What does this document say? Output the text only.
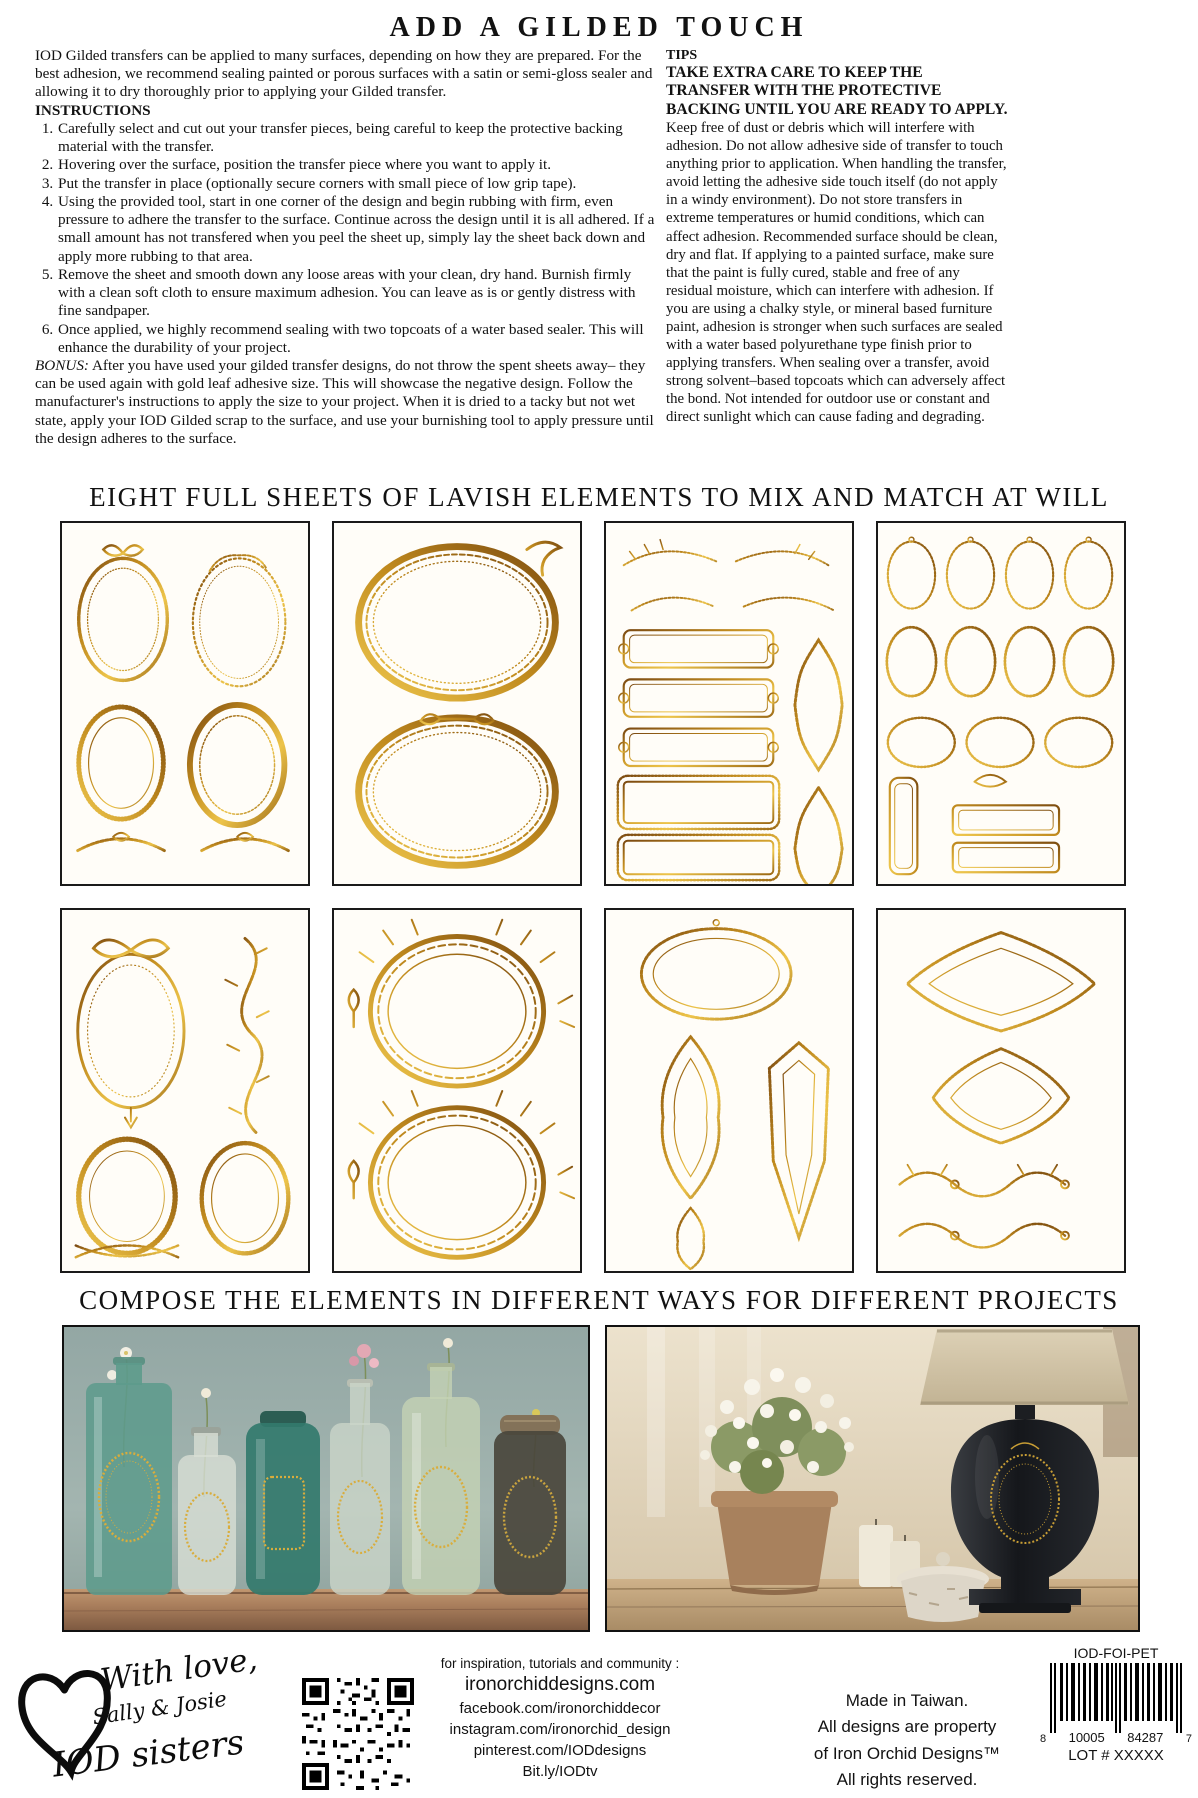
ADD A GILDED TOUCH

IOD Gilded transfers can be applied to many surfaces, depending on how they are prepared. For the best adhesion, we recommend sealing painted or porous surfaces with a satin or semi-gloss sealer and allowing it to dry thoroughly prior to applying your Gilded transfer.

INSTRUCTIONS

1. Carefully select and cut out your transfer pieces, being careful to keep the protective backing material with the transfer.
2. Hovering over the surface, position the transfer piece where you want to apply it.
3. Put the transfer in place (optionally secure corners with small piece of low grip tape).
4. Using the provided tool, start in one corner of the design and begin rubbing with firm, even pressure to adhere the transfer to the surface. Continue across the design until it is all adhered. If a small amount has not transfered when you peel the sheet up, simply lay the sheet back down and apply more rubbing to that area.
5. Remove the sheet and smooth down any loose areas with your clean, dry hand. Burnish firmly with a clean soft cloth to ensure maximum adhesion. You can leave as is or gently distress with fine sandpaper.
6. Once applied, we highly recommend sealing with two topcoats of a water based sealer. This will enhance the durability of your project.

BONUS: After you have used your gilded transfer designs, do not throw the spent sheets away– they can be used again with gold leaf adhesive size. This will showcase the negative design. Follow the manufacturer's instructions to apply the size to your project. When it is dried to a tacky but not wet state, apply your IOD Gilded scrap to the surface, and use your burnishing tool to apply pressure until the design adheres to the surface.

TIPS

TAKE EXTRA CARE TO KEEP THE TRANSFER WITH THE PROTECTIVE BACKING UNTIL YOU ARE READY TO APPLY.

Keep free of dust or debris which will interfere with adhesion. Do not allow adhesive side of transfer to touch anything prior to application. When handling the transfer, avoid letting the adhesive side touch itself (do not apply in a windy environment). Do not store transfers in extreme temperatures or humid conditions, which can affect adhesion. Recommended surface should be clean, dry and flat. If applying to a painted surface, make sure that the paint is fully cured, stable and free of any residual moisture, which can interfere with adhesion. If you are using a chalky style, or mineral based furniture paint, adhesion is stronger when such surfaces are sealed with a water based polyurethane type finish prior to applying transfers. When sealing over a transfer, avoid strong solvent–based topcoats which can adversely affect the bond. Not intended for outdoor use or constant and direct sunlight which can cause fading and degrading.

EIGHT FULL SHEETS OF LAVISH ELEMENTS TO MIX AND MATCH AT WILL
COMPOSE THE ELEMENTS IN DIFFERENT WAYS FOR DIFFERENT PROJECTS
With love,
Sally & Josie
IOD sisters
for inspiration, tutorials and community :
ironorchiddesigns.com
facebook.com/ironorchiddecor
instagram.com/ironorchid_design
pinterest.com/IODdesigns
Bit.ly/IODtv
Made in Taiwan.
All designs are property
of Iron Orchid Designs™
All rights reserved.
IOD-FOI-PET
8 10005 84287 7
LOT # XXXXX
